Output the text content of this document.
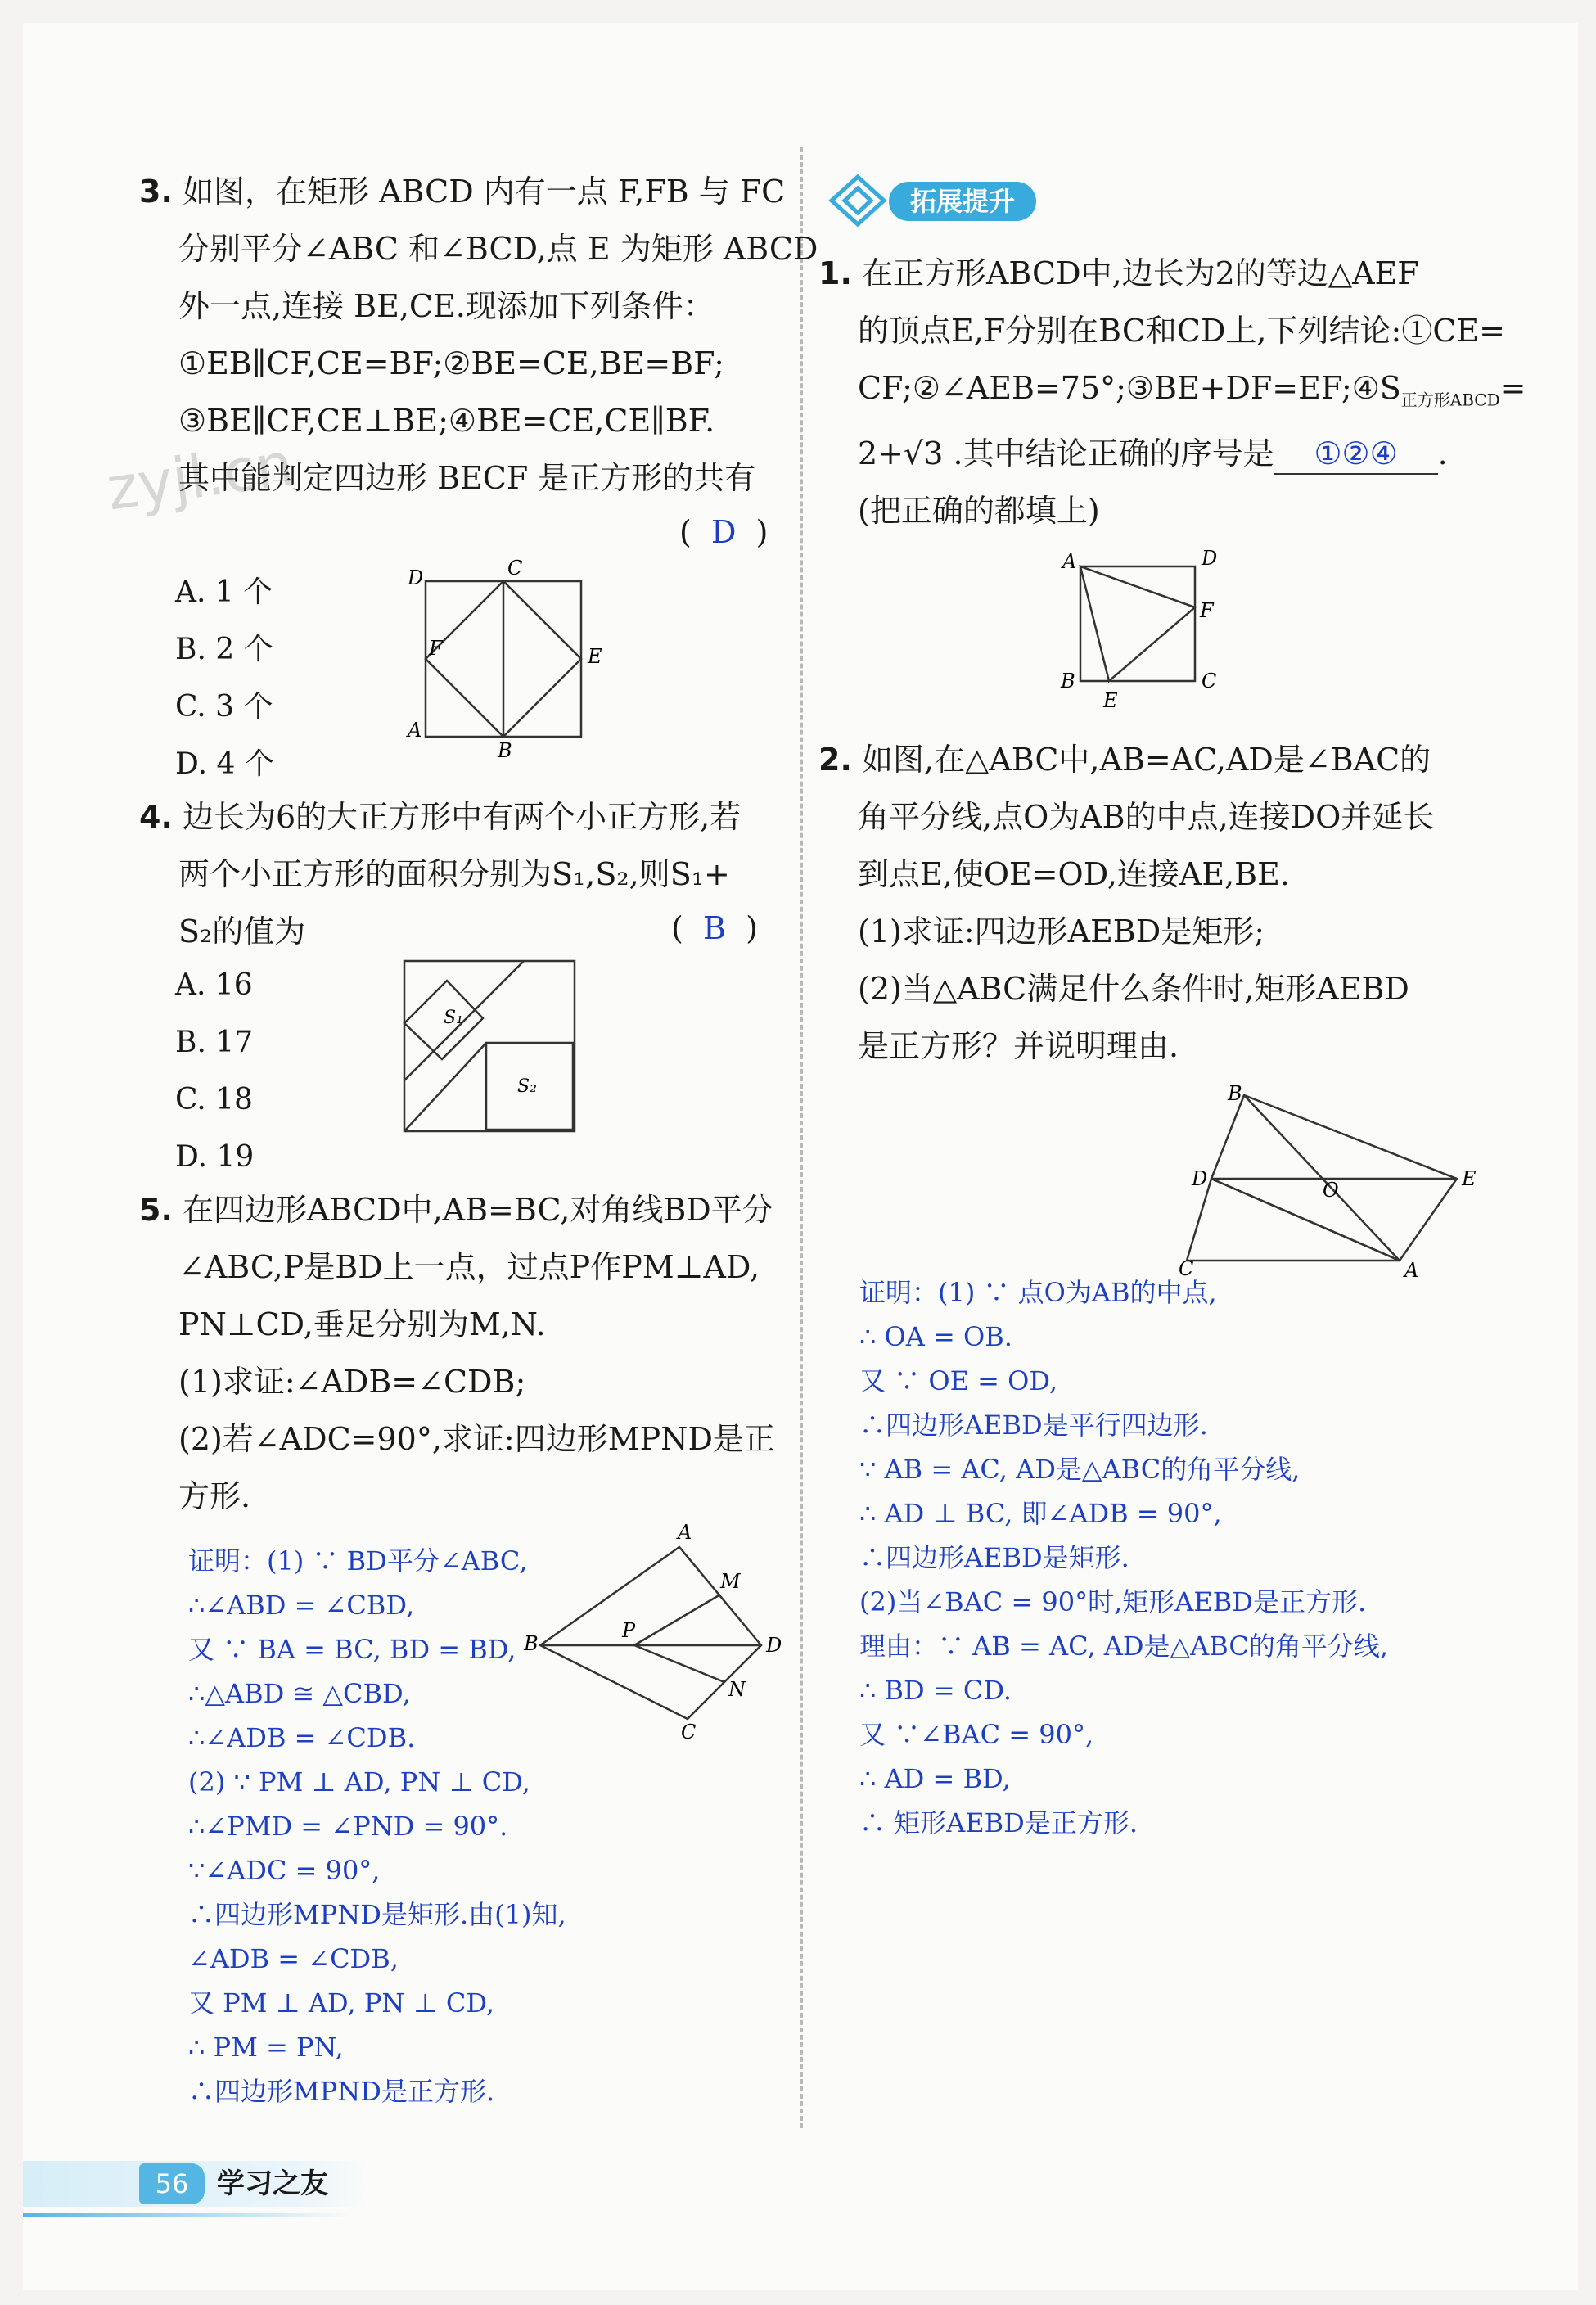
zyjl.cn
3. 如图，在矩形 ABCD 内有一点 F,FB 与 FC
分别平分∠ABC 和∠BCD,点 E 为矩形 ABCD
外一点,连接 BE,CE.现添加下列条件：
①EB∥CF,CE=BF;②BE=CE,BE=BF;
③BE∥CF,CE⊥BE;④BE=CE,CE∥BF.
其中能判定四边形 BECF 是正方形的共有
( D )
A. 1 个
B. 2 个
C. 3 个
D. 4 个
D	C
F	E
A
B
4. 边长为6的大正方形中有两个小正方形,若
两个小正方形的面积分别为S₁,S₂,则S₁+
S₂的值为	( B )
A. 16
B. 17
C. 18
D. 19
S₁
S₂
5. 在四边形ABCD中,AB=BC,对角线BD平分
∠ABC,P是BD上一点，过点P作PM⊥AD,
PN⊥CD,垂足分别为M,N.
(1)求证:∠ADB=∠CDB;
(2)若∠ADC=90°,求证:四边形MPND是正
方形.
证明：(1) ∵ BD平分∠ABC,
∴∠ABD = ∠CBD,
又 ∵ BA = BC, BD = BD,
∴△ABD ≅ △CBD,
∴∠ADB = ∠CDB.
(2) ∵ PM ⊥ AD, PN ⊥ CD,
∴∠PMD = ∠PND = 90°.
∵∠ADC = 90°,
∴四边形MPND是矩形.由(1)知,
∠ADB = ∠CDB,
又 PM ⊥ AD, PN ⊥ CD,
∴ PM = PN,
∴四边形MPND是正方形.
A
M
B
P
D
N
C
拓展提升
1. 在正方形ABCD中,边长为2的等边△AEF
的顶点E,F分别在BC和CD上,下列结论:①CE=
$CF;②\angle AEB=75^\circ;③BE+DF=EF;④S_{正方形ABCD}=$
2+√3 .其中结论正确的序号是 ①②④ .
(把正确的都填上)
A	D
F
B
E
C
2. 如图,在△ABC中,AB=AC,AD是∠BAC的
角平分线,点O为AB的中点,连接DO并延长
到点E,使OE=OD,连接AE,BE.
(1)求证:四边形AEBD是矩形;
(2)当△ABC满足什么条件时,矩形AEBD
是正方形？并说明理由.
B
D	O	E
C	A
证明：(1) ∵ 点O为AB的中点,
∴ OA = OB.
又 ∵ OE = OD,
∴四边形AEBD是平行四边形.
∵ AB = AC, AD是△ABC的角平分线,
∴ AD ⊥ BC, 即∠ADB = 90°,
∴四边形AEBD是矩形.
(2)当∠BAC = 90°时,矩形AEBD是正方形.
理由：∵ AB = AC, AD是△ABC的角平分线,
∴ BD = CD.
又 ∵∠BAC = 90°,
∴ AD = BD,
∴ 矩形AEBD是正方形.
56	学习之友
